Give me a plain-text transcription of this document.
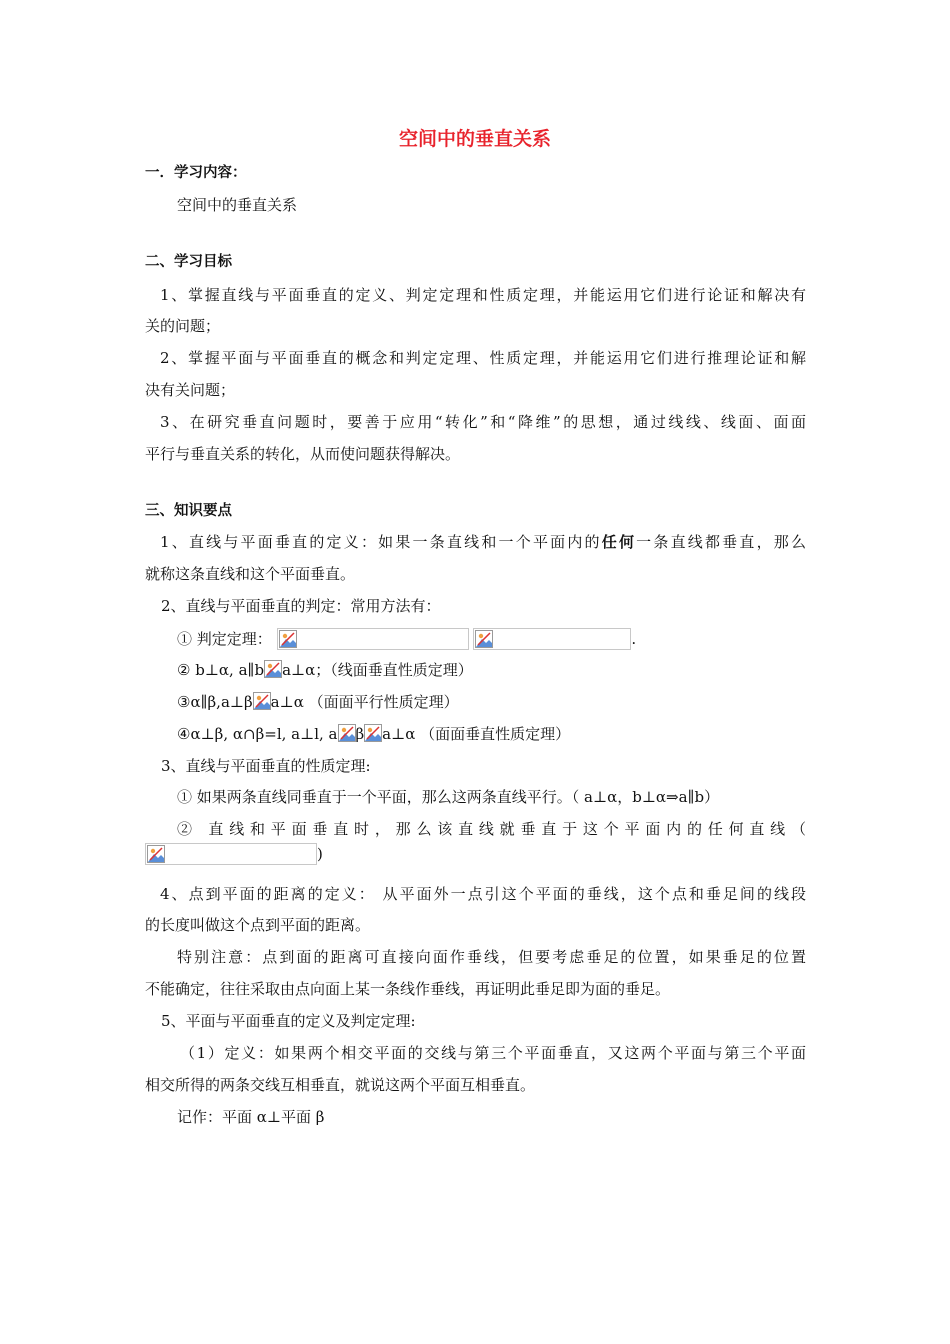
空间中的垂直关系
一．学习内容：
空间中的垂直关系
二、学习目标
1、掌握直线与平面垂直的定义、判定定理和性质定理，并能运用它们进行论证和解决有
关的问题；
2、掌握平面与平面垂直的概念和判定定理、性质定理，并能运用它们进行推理论证和解
决有关问题；
3、在研究垂直问题时，要善于应用“转化”和“降维”的思想，通过线线、线面、面面
平行与垂直关系的转化，从而使问题获得解决。
三、知识要点
1、直线与平面垂直的定义：如果一条直线和一个平面内的任何一条直线都垂直，那么
就称这条直线和这个平面垂直。
2、直线与平面垂直的判定：常用方法有：
① 判定定理：
	.
② b⊥α, a∥b a⊥α；（线面垂直性质定理）
③α∥β,a⊥β a⊥α （面面平行性质定理）
④α⊥β, α∩β=l, a⊥l, a β a⊥α （面面垂直性质定理）
3、直线与平面垂直的性质定理:
① 如果两条直线同垂直于一个平面，那么这两条直线平行。（ a⊥α，b⊥α⇒a∥b）
② 直线和平面垂直时，那么该直线就垂直于这个平面内的任何直线（
)
4、点到平面的距离的定义： 从平面外一点引这个平面的垂线，这个点和垂足间的线段
的长度叫做这个点到平面的距离。
特别注意：点到面的距离可直接向面作垂线，但要考虑垂足的位置，如果垂足的位置
不能确定，往往采取由点向面上某一条线作垂线，再证明此垂足即为面的垂足。
5、平面与平面垂直的定义及判定定理:
（1）定义：如果两个相交平面的交线与第三个平面垂直，又这两个平面与第三个平面
相交所得的两条交线互相垂直，就说这两个平面互相垂直。
记作：平面 α⊥平面 β
